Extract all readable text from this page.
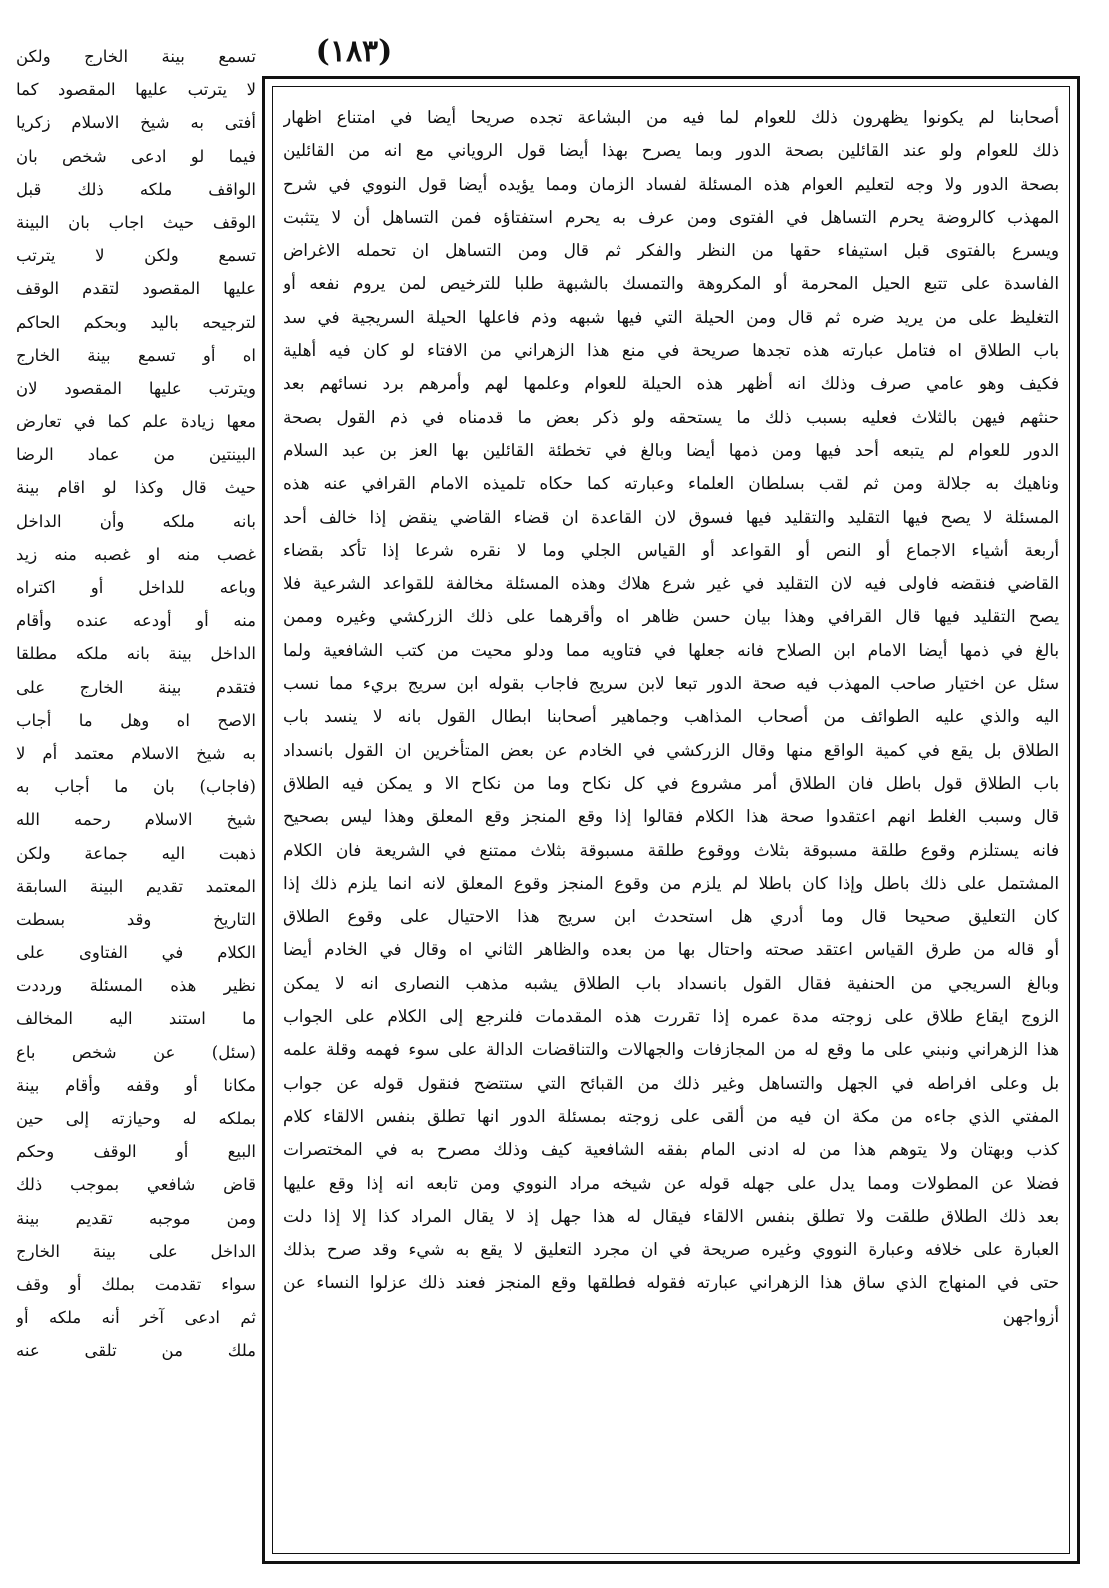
(١٨٣)
تسمع بينة الخارج ولكن
لا يترتب عليها المقصود كما
أفتى به شيخ الاسلام زكريا
فيما لو ادعى شخص بان
الواقف ملكه ذلك قبل
الوقف حيث اجاب بان البينة
تسمع ولكن لا يترتب
عليها المقصود لتقدم الوقف
لترجيحه باليد وبحكم الحاكم
اه أو تسمع بينة الخارج
ويترتب عليها المقصود لان
معها زيادة علم كما في تعارض
البينتين من عماد الرضا
حيث قال وكذا لو اقام بينة
بانه ملكه وأن الداخل
غصب منه او غصبه منه زيد
وباعه للداخل أو اكتراه
منه أو أودعه عنده وأقام
الداخل بينة بانه ملكه مطلقا
فتقدم بينة الخارج على
الاصح اه وهل ما أجاب
به شيخ الاسلام معتمد أم لا
(فاجاب) بان ما أجاب به
شيخ الاسلام رحمه الله
ذهبت اليه جماعة ولكن
المعتمد تقديم البينة السابقة
التاريخ وقد بسطت
الكلام في الفتاوى على
نظير هذه المسئلة ورددت
ما استند اليه المخالف
(سئل) عن شخص باع
مكانا أو وقفه وأقام بينة
بملكه له وحيازته إلى حين
البيع أو الوقف وحكم
قاض شافعي بموجب ذلك
ومن موجبه تقديم بينة
الداخل على بينة الخارج
سواء تقدمت بملك أو وقف
ثم ادعى آخر أنه ملكه أو
ملك من تلقى عنه
أصحابنا لم يكونوا يظهرون ذلك للعوام لما فيه من البشاعة تجده صريحا أيضا في امتناع اظهار
ذلك للعوام ولو عند القائلين بصحة الدور وبما يصرح بهذا أيضا قول الروياني مع انه من القائلين
بصحة الدور ولا وجه لتعليم العوام هذه المسئلة لفساد الزمان ومما يؤيده أيضا قول النووي في شرح
المهذب كالروضة يحرم التساهل في الفتوى ومن عرف به يحرم استفتاؤه فمن التساهل أن لا يتثبت
ويسرع بالفتوى قبل استيفاء حقها من النظر والفكر ثم قال ومن التساهل ان تحمله الاغراض
الفاسدة على تتبع الحيل المحرمة أو المكروهة والتمسك بالشبهة طلبا للترخيص لمن يروم نفعه أو
التغليظ على من يريد ضره ثم قال ومن الحيلة التي فيها شبهه وذم فاعلها الحيلة السريجية في سد
باب الطلاق اه فتامل عبارته هذه تجدها صريحة في منع هذا الزهراني من الافتاء لو كان فيه أهلية
فكيف وهو عامي صرف وذلك انه أظهر هذه الحيلة للعوام وعلمها لهم وأمرهم برد نسائهم بعد
حنثهم فيهن بالثلاث فعليه بسبب ذلك ما يستحقه ولو ذكر بعض ما قدمناه في ذم القول بصحة
الدور للعوام لم يتبعه أحد فيها ومن ذمها أيضا وبالغ في تخطئة القائلين بها العز بن عبد السلام
وناهيك به جلالة ومن ثم لقب بسلطان العلماء وعبارته كما حكاه تلميذه الامام القرافي عنه هذه
المسئلة لا يصح فيها التقليد والتقليد فيها فسوق لان القاعدة ان قضاء القاضي ينقض إذا خالف أحد
أربعة أشياء الاجماع أو النص أو القواعد أو القياس الجلي وما لا نقره شرعا إذا تأكد بقضاء
القاضي فنقضه فاولى فيه لان التقليد في غير شرع هلاك وهذه المسئلة مخالفة للقواعد الشرعية فلا
يصح التقليد فيها قال القرافي وهذا بيان حسن ظاهر اه وأقرهما على ذلك الزركشي وغيره وممن
بالغ في ذمها أيضا الامام ابن الصلاح فانه جعلها في فتاويه مما ودلو محيت من كتب الشافعية ولما
سئل عن اختيار صاحب المهذب فيه صحة الدور تبعا لابن سريج فاجاب بقوله ابن سريج بريء مما نسب
اليه والذي عليه الطوائف من أصحاب المذاهب وجماهير أصحابنا ابطال القول بانه لا ينسد باب
الطلاق بل يقع في كمية الواقع منها وقال الزركشي في الخادم عن بعض المتأخرين ان القول بانسداد
باب الطلاق قول باطل فان الطلاق أمر مشروع في كل نكاح وما من نكاح الا و يمكن فيه الطلاق
قال وسبب الغلط انهم اعتقدوا صحة هذا الكلام فقالوا إذا وقع المنجز وقع المعلق وهذا ليس بصحيح
فانه يستلزم وقوع طلقة مسبوقة بثلاث ووقوع طلقة مسبوقة بثلاث ممتنع في الشريعة فان الكلام
المشتمل على ذلك باطل وإذا كان باطلا لم يلزم من وقوع المنجز وقوع المعلق لانه انما يلزم ذلك إذا
كان التعليق صحيحا قال وما أدري هل استحدث ابن سريج هذا الاحتيال على وقوع الطلاق
أو قاله من طرق القياس اعتقد صحته واحتال بها من بعده والظاهر الثاني اه وقال في الخادم أيضا
وبالغ السريجي من الحنفية فقال القول بانسداد باب الطلاق يشبه مذهب النصارى انه لا يمكن
الزوج ايقاع طلاق على زوجته مدة عمره إذا تقررت هذه المقدمات فلنرجع إلى الكلام على الجواب
هذا الزهراني ونبني على ما وقع له من المجازفات والجهالات والتناقضات الدالة على سوء فهمه وقلة علمه
بل وعلى افراطه في الجهل والتساهل وغير ذلك من القبائح التي ستتضح فنقول قوله عن جواب
المفتي الذي جاءه من مكة ان فيه من ألقى على زوجته بمسئلة الدور انها تطلق بنفس الالقاء كلام
كذب وبهتان ولا يتوهم هذا من له ادنى المام بفقه الشافعية كيف وذلك مصرح به في المختصرات
فضلا عن المطولات ومما يدل على جهله قوله عن شيخه مراد النووي ومن تابعه انه إذا وقع عليها
بعد ذلك الطلاق طلقت ولا تطلق بنفس الالقاء فيقال له هذا جهل إذ لا يقال المراد كذا إلا إذا دلت
العبارة على خلافه وعبارة النووي وغيره صريحة في ان مجرد التعليق لا يقع به شيء وقد صرح بذلك
حتى في المنهاج الذي ساق هذا الزهراني عبارته فقوله فطلقها وقع المنجز فعند ذلك عزلوا النساء عن
أزواجهن
